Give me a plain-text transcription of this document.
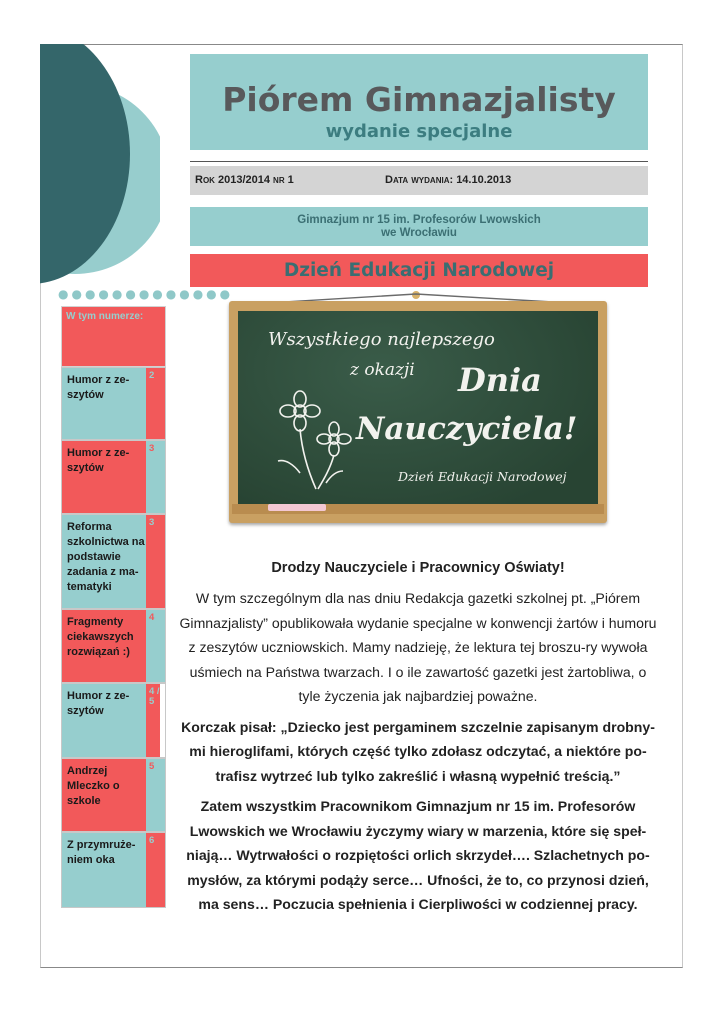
●●●●●●●●●●●●●
Piórem Gimnazjalisty
wydanie specjalne
Rok 2013/2014 nr 1	Data wydania: 14.10.2013
Gimnazjum nr 15 im. Profesorów Lwowskich
we Wrocławiu
Dzień Edukacji Narodowej
W tym numerze:
Humor z ze-szytów
2
Humor z ze-szytów
3
Reforma szkolnictwa na podstawie zadania z ma-tematyki
3
Fragmenty ciekawszych rozwiązań :)
4
Humor z ze-szytów
4 / 5
Andrzej Mleczko o szkole
5
Z przymruże-niem oka
6
Wszystkiego najlepszego
z okazji Dnia
Nauczyciela!
Dzień Edukacji Narodowej
Drodzy Nauczyciele i Pracownicy Oświaty!

W tym szczególnym dla nas dniu Redakcja gazetki szkolnej pt. „Piórem Gimnazjalisty” opublikowała wydanie specjalne w konwencji żartów i humoru z zeszytów uczniowskich. Mamy nadzieję, że lektura tej broszu-ry wywoła uśmiech na Państwa twarzach. I o ile zawartość gazetki jest żartobliwa, o tyle życzenia jak najbardziej poważne.

Korczak pisał: „Dziecko jest pergaminem szczelnie zapisanym drobny-mi hieroglifami, których część tylko zdołasz odczytać, a niektóre po-trafisz wytrzeć lub tylko zakreślić i własną wypełnić treścią.”

Zatem wszystkim Pracownikom Gimnazjum nr 15 im. Profesorów Lwowskich we Wrocławiu życzymy wiary w marzenia, które się speł-niają… Wytrwałości o rozpiętości orlich skrzydeł…. Szlachetnych po-mysłów, za którymi podąży serce… Ufności, że to, co przynosi dzień, ma sens… Poczucia spełnienia i Cierpliwości w codziennej pracy.
